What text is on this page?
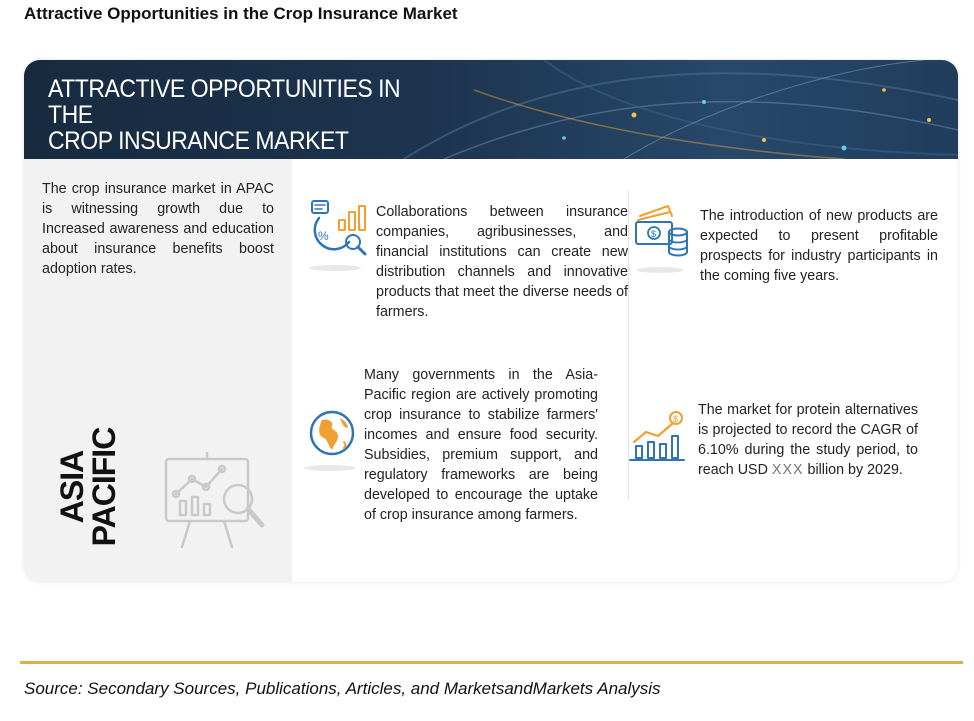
Attractive Opportunities in the Crop Insurance Market
ATTRACTIVE OPPORTUNITIES IN THE
CROP INSURANCE MARKET
The crop insurance market in APAC is witnessing growth due to Increased awareness and education about insurance benefits boost adoption rates.
ASIA
PACIFIC
%
Collaborations between insurance companies, agribusinesses, and financial institutions can create new distribution channels and innovative products that meet the diverse needs of farmers.
$
The introduction of new products are expected to present profitable prospects for industry participants in the coming five years.
Many governments in the Asia-Pacific region are actively promoting crop insurance to stabilize farmers' incomes and ensure food security. Subsidies, premium support, and regulatory frameworks are being developed to encourage the uptake of crop insurance among farmers.
$
The market for protein alternatives is projected to record the CAGR of 6.10% during the study period, to reach USD XXX billion by 2029.
Source: Secondary Sources, Publications, Articles, and MarketsandMarkets Analysis
